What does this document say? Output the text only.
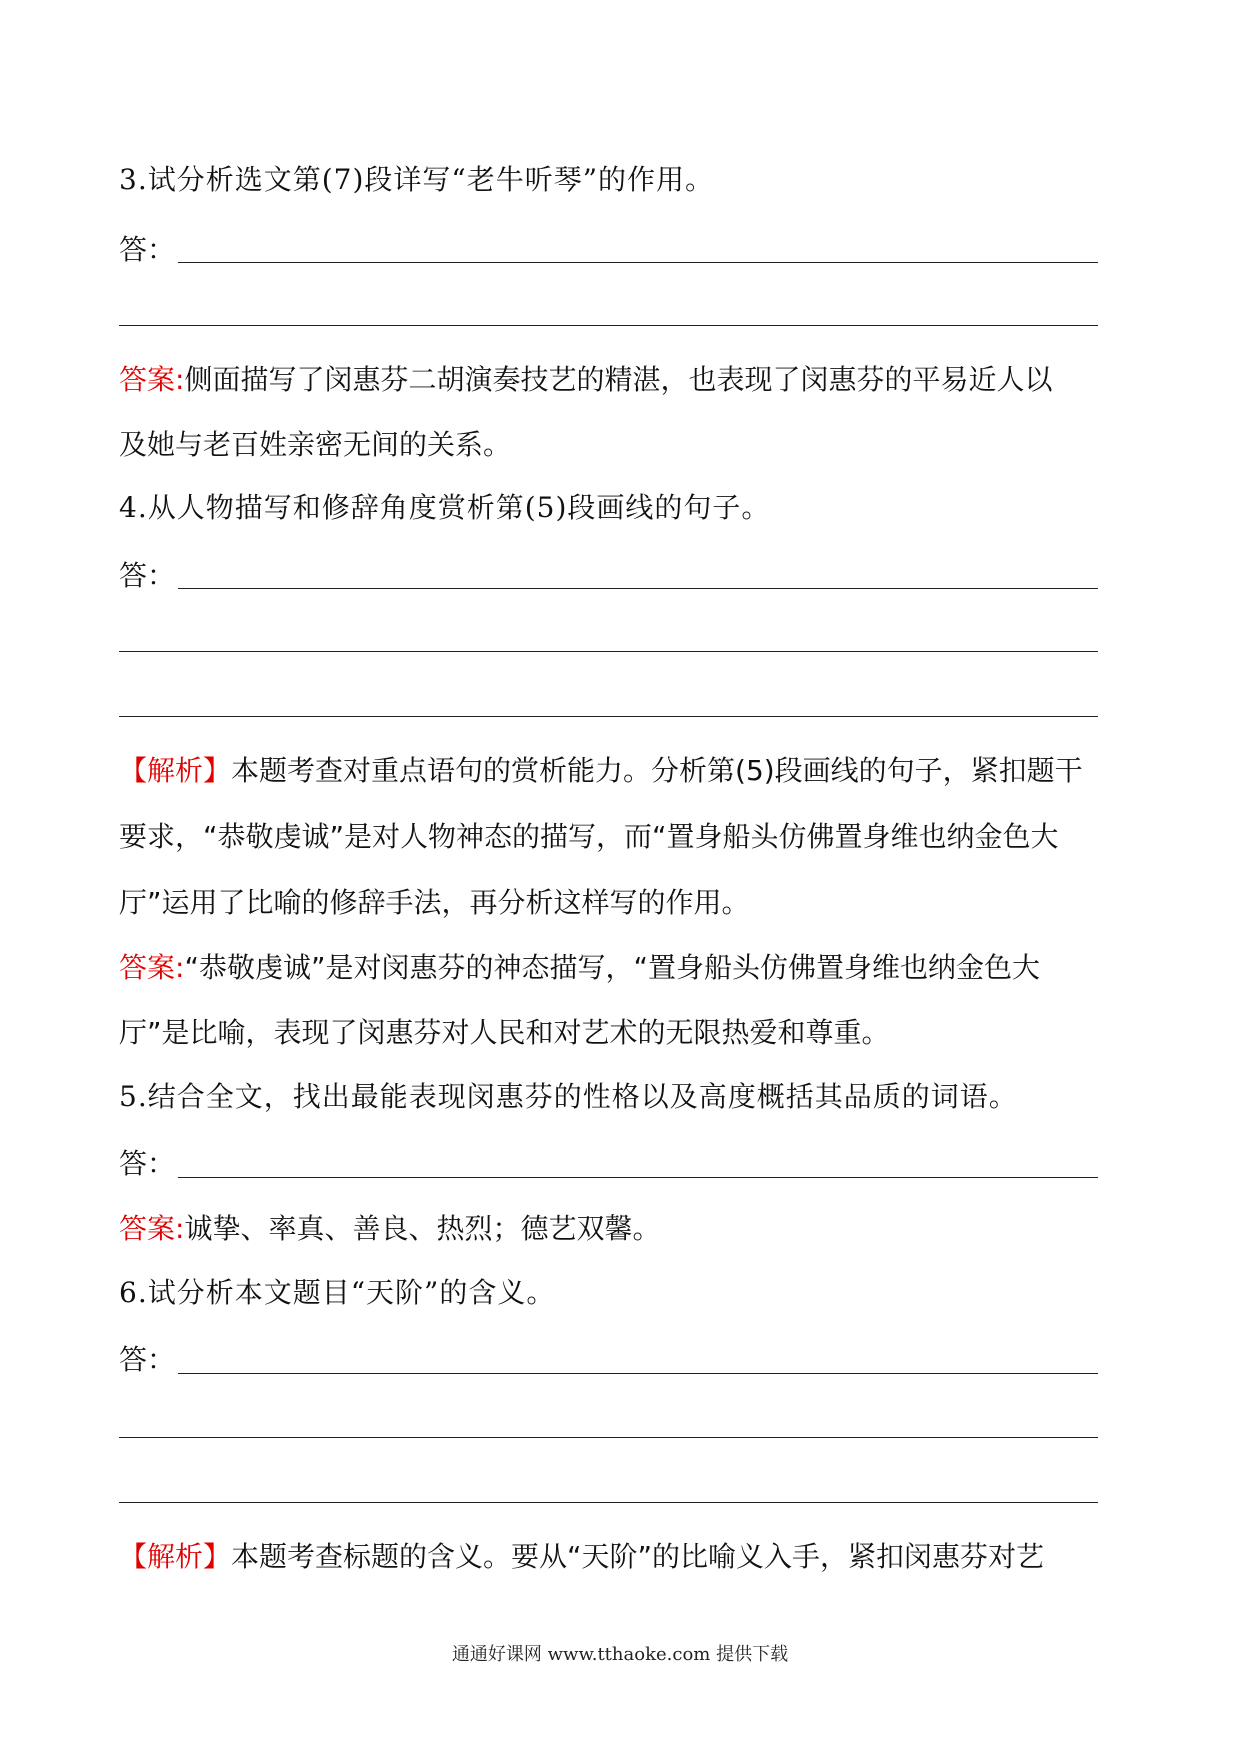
3.试分析选文第(7)段详写“老牛听琴”的作用。
答：
答案:侧面描写了闵惠芬二胡演奏技艺的精湛，也表现了闵惠芬的平易近人以
及她与老百姓亲密无间的关系。
4.从人物描写和修辞角度赏析第(5)段画线的句子。
答：
【解析】本题考查对重点语句的赏析能力。分析第(5)段画线的句子，紧扣题干
要求，“恭敬虔诚”是对人物神态的描写，而“置身船头仿佛置身维也纳金色大
厅”运用了比喻的修辞手法，再分析这样写的作用。
答案:“恭敬虔诚”是对闵惠芬的神态描写，“置身船头仿佛置身维也纳金色大
厅”是比喻，表现了闵惠芬对人民和对艺术的无限热爱和尊重。
5.结合全文，找出最能表现闵惠芬的性格以及高度概括其品质的词语。
答：
答案:诚挚、率真、善良、热烈；德艺双馨。
6.试分析本文题目“天阶”的含义。
答：
【解析】本题考查标题的含义。要从“天阶”的比喻义入手，紧扣闵惠芬对艺
通通好课网 www.tthaoke.com 提供下载
